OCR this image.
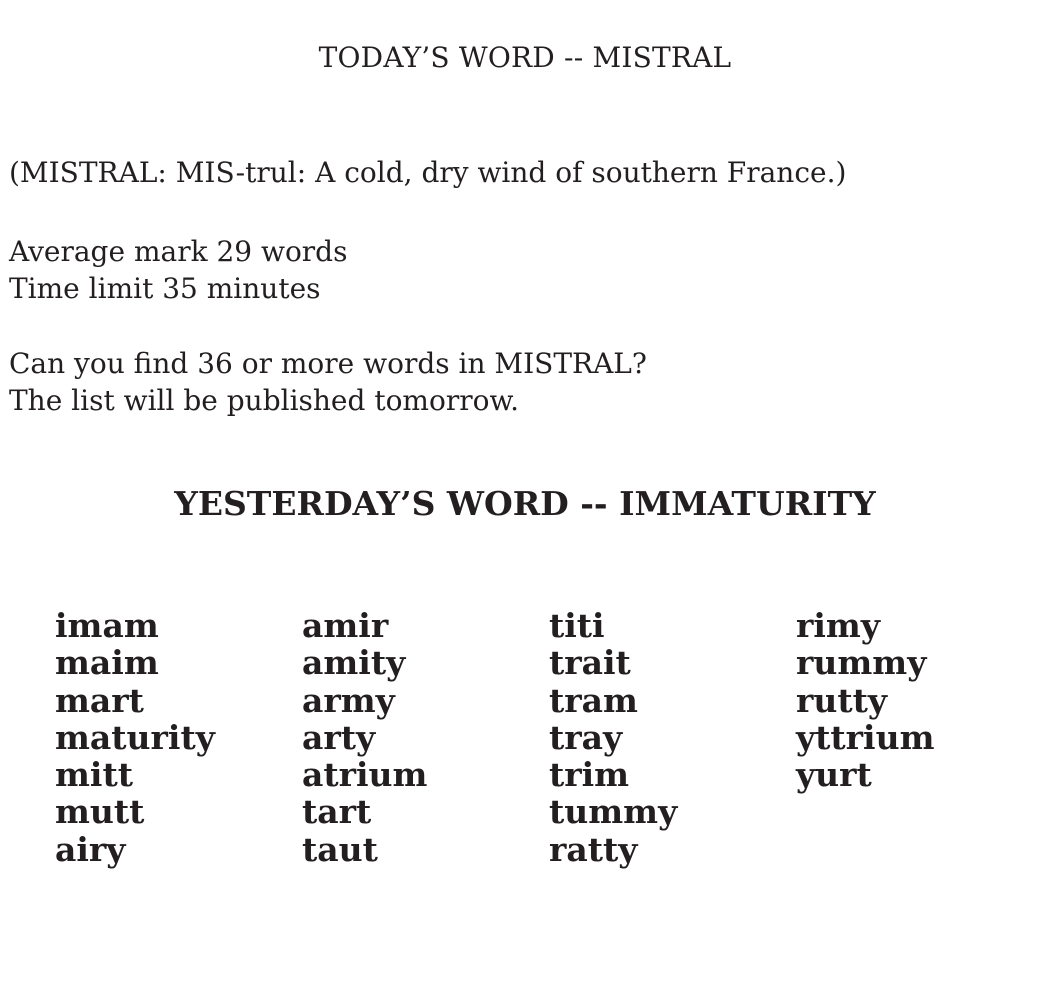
TODAY’S WORD -- MISTRAL
(MISTRAL: MIS-trul: A cold, dry wind of southern France.)
Average mark 29 words
Time limit 35 minutes
Can you find 36 or more words in MISTRAL?
The list will be published tomorrow.
YESTERDAY’S WORD -- IMMATURITY
imam
maim
mart
maturity
mitt
mutt
airy
amir
amity
army
arty
atrium
tart
taut
titi
trait
tram
tray
trim
tummy
ratty
rimy
rummy
rutty
yttrium
yurt
